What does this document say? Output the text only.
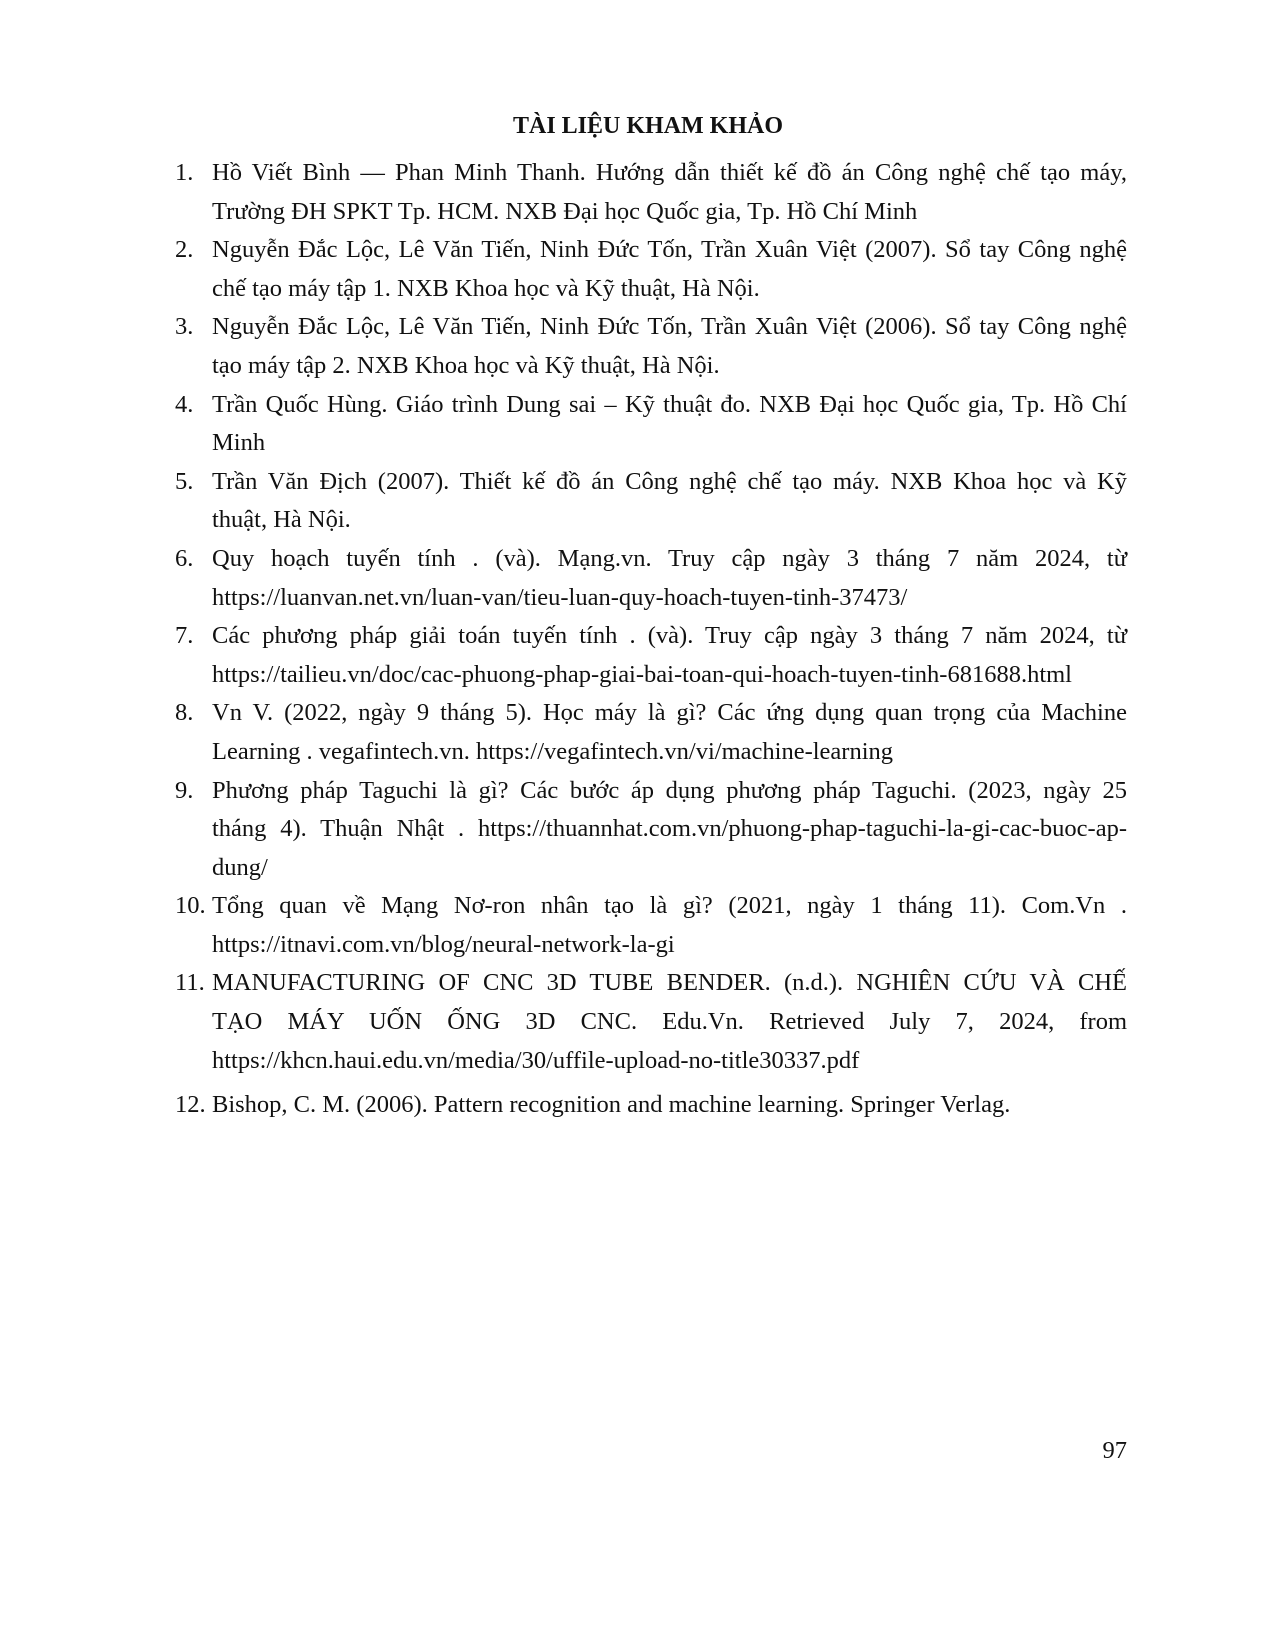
TÀI LIỆU KHAM KHẢO
1. Hồ Viết Bình — Phan Minh Thanh. Hướng dẫn thiết kế đồ án Công nghệ chế tạo máy,
Trường ĐH SPKT Tp. HCM. NXB Đại học Quốc gia, Tp. Hồ Chí Minh
2. Nguyễn Đắc Lộc, Lê Văn Tiến, Ninh Đức Tốn, Trần Xuân Việt (2007). Sổ tay Công nghệ
chế tạo máy tập 1. NXB Khoa học và Kỹ thuật, Hà Nội.
3. Nguyễn Đắc Lộc, Lê Văn Tiến, Ninh Đức Tốn, Trần Xuân Việt (2006). Sổ tay Công nghệ
tạo máy tập 2. NXB Khoa học và Kỹ thuật, Hà Nội.
4. Trần Quốc Hùng. Giáo trình Dung sai – Kỹ thuật đo. NXB Đại học Quốc gia, Tp. Hồ Chí
Minh
5. Trần Văn Địch (2007). Thiết kế đồ án Công nghệ chế tạo máy. NXB Khoa học và Kỹ
thuật, Hà Nội.
6. Quy hoạch tuyến tính . (và). Mạng.vn. Truy cập ngày 3 tháng 7 năm 2024, từ
https://luanvan.net.vn/luan-van/tieu-luan-quy-hoach-tuyen-tinh-37473/
7. Các phương pháp giải toán tuyến tính . (và). Truy cập ngày 3 tháng 7 năm 2024, từ
https://tailieu.vn/doc/cac-phuong-phap-giai-bai-toan-qui-hoach-tuyen-tinh-681688.html
8. Vn V. (2022, ngày 9 tháng 5). Học máy là gì? Các ứng dụng quan trọng của Machine
Learning . vegafintech.vn. https://vegafintech.vn/vi/machine-learning
9. Phương pháp Taguchi là gì? Các bước áp dụng phương pháp Taguchi. (2023, ngày 25
tháng 4). Thuận Nhật . https://thuannhat.com.vn/phuong-phap-taguchi-la-gi-cac-buoc-ap-
dung/
10. Tổng quan về Mạng Nơ-ron nhân tạo là gì? (2021, ngày 1 tháng 11). Com.Vn .
https://itnavi.com.vn/blog/neural-network-la-gi
11. MANUFACTURING OF CNC 3D TUBE BENDER. (n.d.). NGHIÊN CỨU VÀ CHẾ
TẠO MÁY UỐN ỐNG 3D CNC. Edu.Vn. Retrieved July 7, 2024, from
https://khcn.haui.edu.vn/media/30/uffile-upload-no-title30337.pdf
12. Bishop, C. M. (2006). Pattern recognition and machine learning. Springer Verlag.
97
